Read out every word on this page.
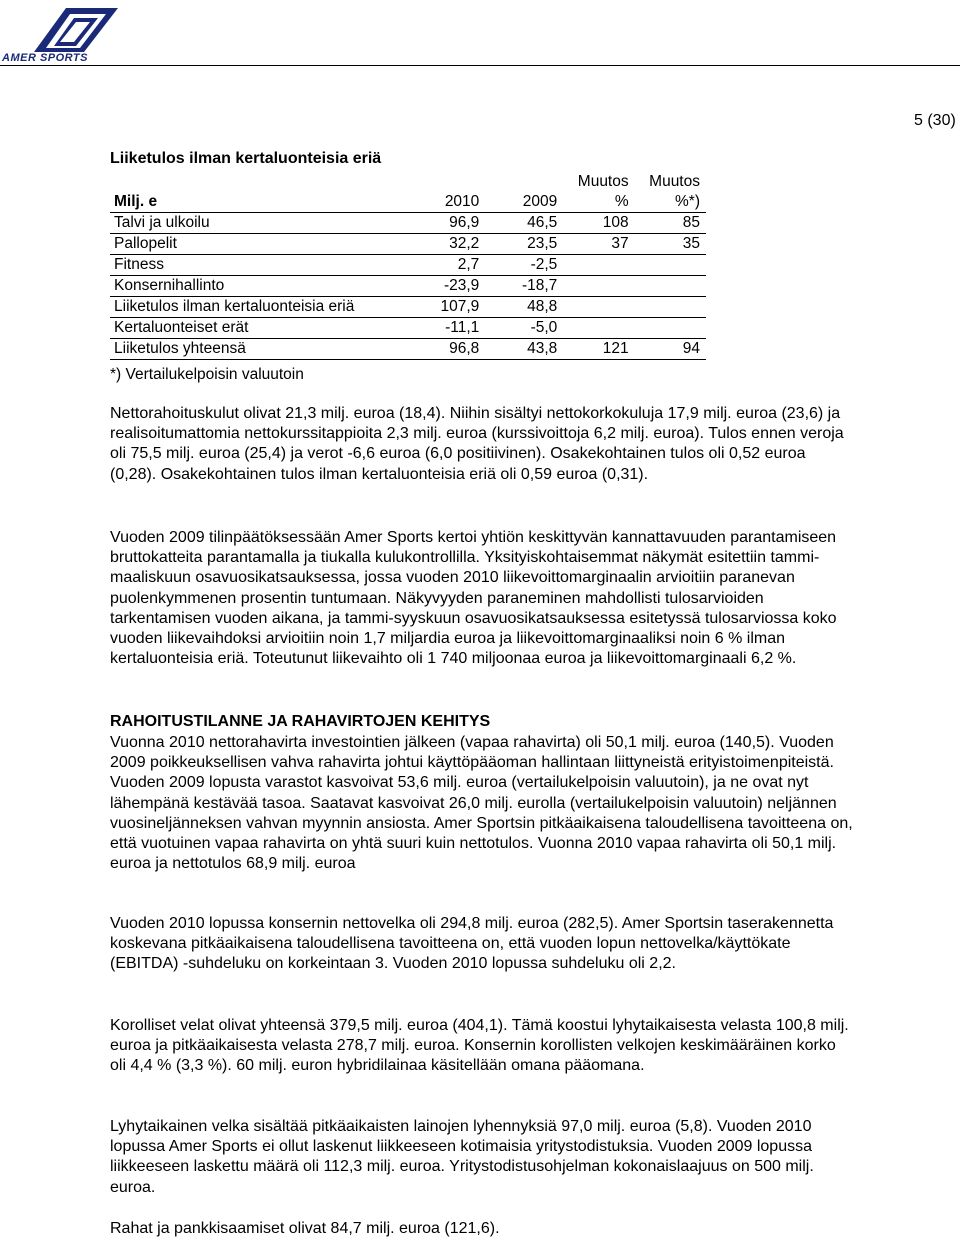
AMER SPORTS
5 (30)
Liiketulos ilman kertaluonteisia eriä
Milj. e	2010	2009	Muutos %	Muutos %*)
Talvi ja ulkoilu	96,9	46,5	108	85
Pallopelit	32,2	23,5	37	35
Fitness	2,7	-2,5		
Konsernihallinto	-23,9	-18,7		
Liiketulos ilman kertaluonteisia eriä	107,9	48,8		
Kertaluonteiset erät	-11,1	-5,0		
Liiketulos yhteensä	96,8	43,8	121	94
*) Vertailukelpoisin valuutoin

Nettorahoituskulut olivat 21,3 milj. euroa (18,4). Niihin sisältyi nettokorkokuluja 17,9 milj. euroa (23,6) ja realisoitumattomia nettokurssitappioita 2,3 milj. euroa (kurssivoittoja 6,2 milj. euroa). Tulos ennen veroja oli 75,5 milj. euroa (25,4) ja verot -6,6 euroa (6,0 positiivinen). Osakekohtainen tulos oli 0,52 euroa (0,28). Osakekohtainen tulos ilman kertaluonteisia eriä oli 0,59 euroa (0,31).

Vuoden 2009 tilinpäätöksessään Amer Sports kertoi yhtiön keskittyvän kannattavuuden parantamiseen bruttokatteita parantamalla ja tiukalla kulukontrollilla. Yksityiskohtaisemmat näkymät esitettiin tammi-maaliskuun osavuosikatsauksessa, jossa vuoden 2010 liikevoittomarginaalin arvioitiin paranevan puolenkymmenen prosentin tuntumaan. Näkyvyyden paraneminen mahdollisti tulosarvioiden tarkentamisen vuoden aikana, ja tammi-syyskuun osavuosikatsauksessa esitetyssä tulosarviossa koko vuoden liikevaihdoksi arvioitiin noin 1,7 miljardia euroa ja liikevoittomarginaaliksi noin 6 % ilman kertaluonteisia eriä. Toteutunut liikevaihto oli 1 740 miljoonaa euroa ja liikevoittomarginaali 6,2 %.

RAHOITUSTILANNE JA RAHAVIRTOJEN KEHITYS

Vuonna 2010 nettorahavirta investointien jälkeen (vapaa rahavirta) oli 50,1 milj. euroa (140,5). Vuoden 2009 poikkeuksellisen vahva rahavirta johtui käyttöpääoman hallintaan liittyneistä erityistoimenpiteistä. Vuoden 2009 lopusta varastot kasvoivat 53,6 milj. euroa (vertailukelpoisin valuutoin), ja ne ovat nyt lähempänä kestävää tasoa. Saatavat kasvoivat 26,0 milj. eurolla (vertailukelpoisin valuutoin) neljännen vuosineljänneksen vahvan myynnin ansiosta. Amer Sportsin pitkäaikaisena taloudellisena tavoitteena on, että vuotuinen vapaa rahavirta on yhtä suuri kuin nettotulos. Vuonna 2010 vapaa rahavirta oli 50,1 milj. euroa ja nettotulos 68,9 milj. euroa

Vuoden 2010 lopussa konsernin nettovelka oli 294,8 milj. euroa (282,5). Amer Sportsin taserakennetta koskevana pitkäaikaisena taloudellisena tavoitteena on, että vuoden lopun nettovelka/käyttökate (EBITDA) -suhdeluku on korkeintaan 3. Vuoden 2010 lopussa suhdeluku oli 2,2.

Korolliset velat olivat yhteensä 379,5 milj. euroa (404,1). Tämä koostui lyhytaikaisesta velasta 100,8 milj. euroa ja pitkäaikaisesta velasta 278,7 milj. euroa. Konsernin korollisten velkojen keskimääräinen korko oli 4,4 % (3,3 %). 60 milj. euron hybridilainaa käsitellään omana pääomana.

Lyhytaikainen velka sisältää pitkäaikaisten lainojen lyhennyksiä 97,0 milj. euroa (5,8). Vuoden 2010 lopussa Amer Sports ei ollut laskenut liikkeeseen kotimaisia yritystodistuksia. Vuoden 2009 lopussa liikkeeseen laskettu määrä oli 112,3 milj. euroa. Yritystodistusohjelman kokonaislaajuus on 500 milj. euroa.

Rahat ja pankkisaamiset olivat 84,7 milj. euroa (121,6).
